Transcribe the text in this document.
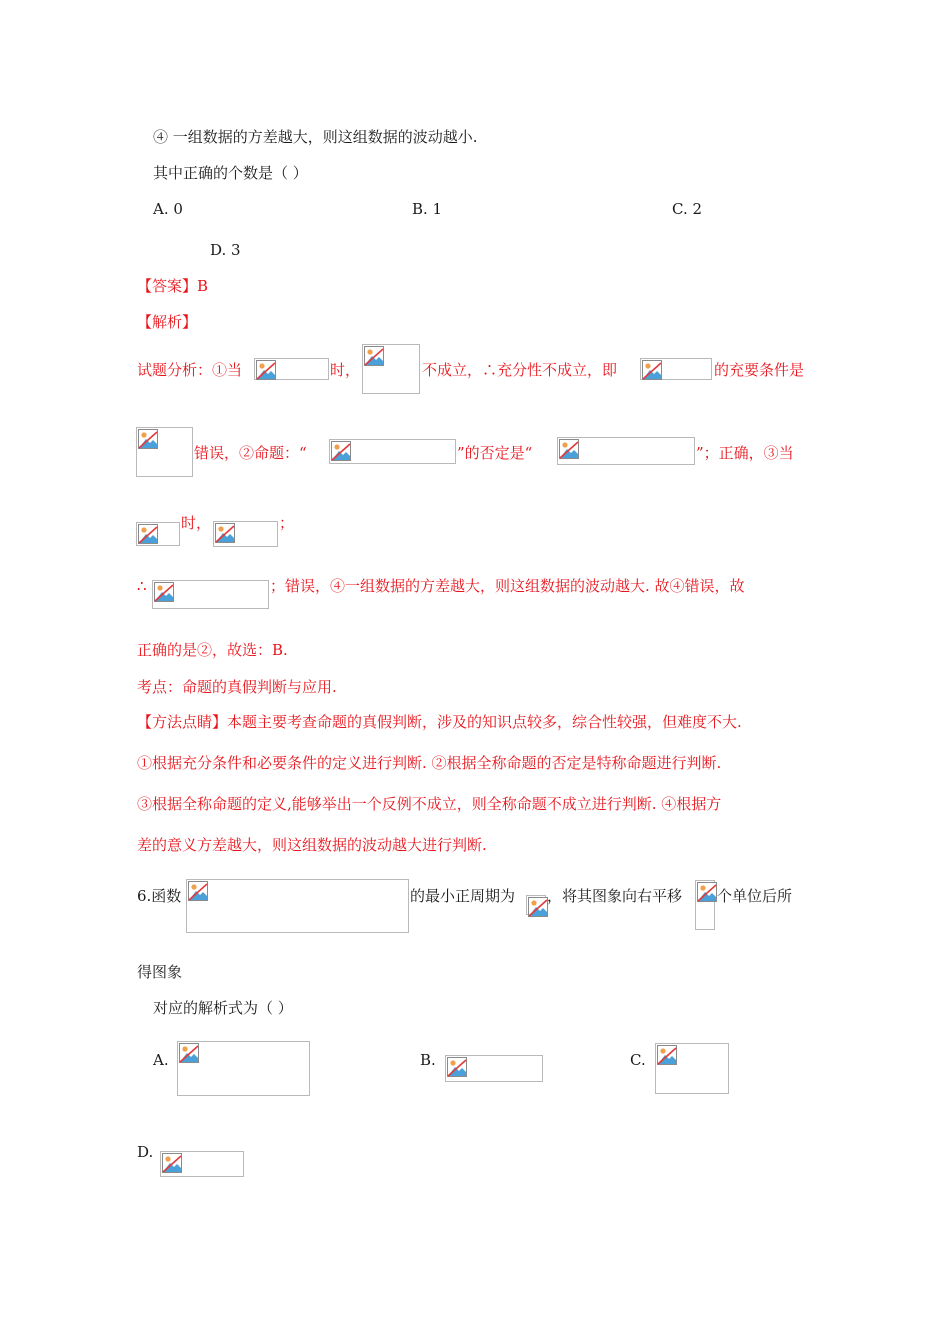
④ 一组数据的方差越大，则这组数据的波动越小.
其中正确的个数是（ ）
A. 0	B. 1	C. 2
D. 3
【答案】B
【解析】
试题分析：①当	时，	不成立，∴充分性不成立，即	的充要条件是
错误，②命题：“	”的否定是“	”；正确，③当
时，	；
∴	；错误，④一组数据的方差越大，则这组数据的波动越大. 故④错误，故
正确的是②，故选：B.
考点：命题的真假判断与应用.
【方法点睛】本题主要考查命题的真假判断，涉及的知识点较多，综合性较强，但难度不大.
①根据充分条件和必要条件的定义进行判断. ②根据全称命题的否定是特称命题进行判断.
③根据全称命题的定义,能够举出一个反例不成立，则全称命题不成立进行判断. ④根据方
差的意义方差越大，则这组数据的波动越大进行判断.
6.函数	的最小正周期为 ，将其图象向右平移 个单位后所
得图象
对应的解析式为（ ）
A.	B.	C.
D.
